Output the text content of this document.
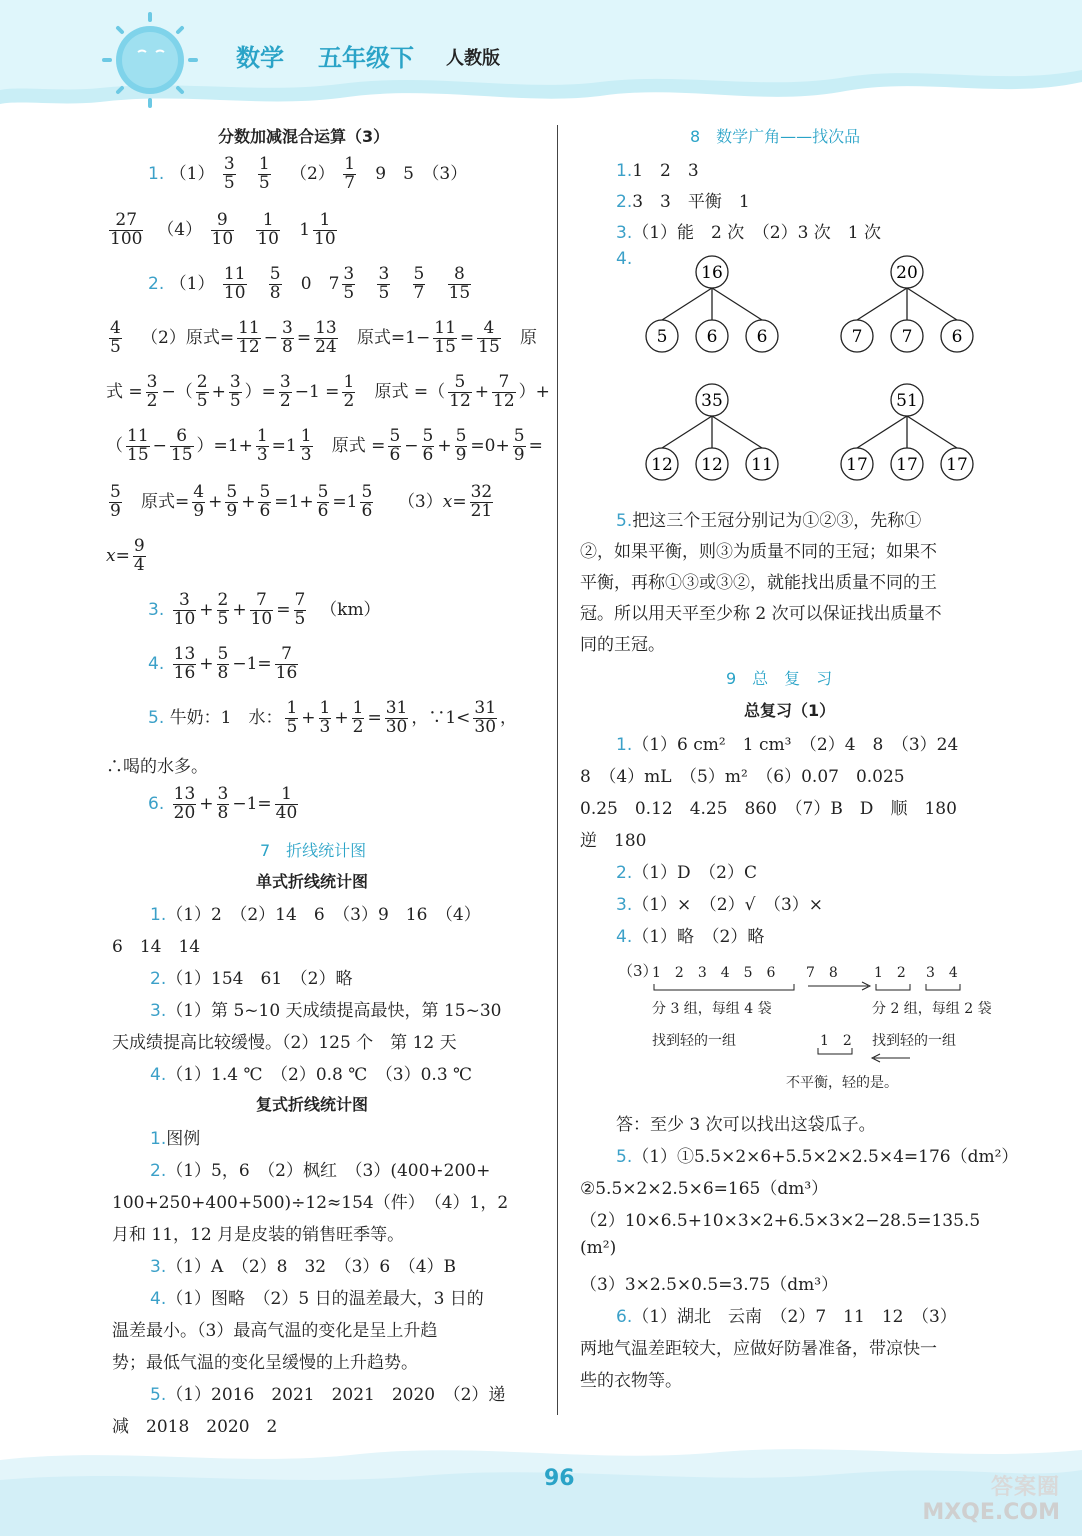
数学 五年级下 人教版
分数加减混合运算（3）
1. $(1) \frac{3}{5}$
$\frac{1}{5} (2) \frac{1}{7} 9$　5　（3）
$\frac{27}{100} (4) \frac{9}{10}$
$\frac{1}{10} 1 \frac{1}{10}$
2. $(1) \frac{11}{10}$
$\frac{5}{8} 0$　$7 \frac{3}{5}$
$\frac{3}{5}$
$\frac{5}{7}$
$\frac{8}{15}$
$\frac{4}{5} (2)$原式= $\frac{11}{12} - \frac{3}{8} = \frac{13}{24}$ 原式$=1- \frac{11}{15} = \frac{4}{15}$ 原
式 = $\frac{3}{2}$ −（ $\frac{2}{5} + \frac{3}{5}$ ）= $\frac{3}{2} -1 = \frac{1}{2}$ 原式 =（ $\frac{5}{12} + \frac{7}{12}$ ）+
（ $\frac{11}{15} - \frac{6}{15} )=1+ \frac{1}{3} =1 \frac{1}{3}$ 原式 = $\frac{5}{6} - \frac{5}{6} + \frac{5}{9} =0+ \frac{5}{9}$ =
$\frac{5}{9}$ 原式= $\frac{4}{9} + \frac{5}{9} + \frac{5}{6} =1+ \frac{5}{6} =1 \frac{5}{6} (3)x= \frac{32}{21}$
$x= \frac{9}{4}$
3. $\frac{3}{10} + \frac{2}{5} + \frac{7}{10} = \frac{7}{5} (km)$
4. $\frac{13}{16} + \frac{5}{8} -1= \frac{7}{16}$
5. 牛奶：1　水： $\frac{1}{5} + \frac{1}{3} + \frac{1}{2} = \frac{31}{30}$ ，∵1< $\frac{31}{30}$ ，
∴喝的水多。
6. $\frac{13}{20} + \frac{3}{8} -1= \frac{1}{40}$
7　折线统计图
单式折线统计图
1.（1）2　（2）14　6　（3）9　16　（4）
6　14　14
2.（1）154　61　（2）略
3.（1）第 5~10 天成绩提高最快，第 15~30
天成绩提高比较缓慢。（2）125 个　第 12 天
4.（1）1.4 ℃　（2）0.8 ℃　（3）0.3 ℃
复式折线统计图
1.图例
2.（1）5，6　（2）枫红　（3）(400+200+
100+250+400+500)÷12≈154（件）　（4）1，2
月和 11，12 月是皮装的销售旺季等。
3.（1）A　（2）8　32　（3）6　（4）B
4.（1）图略　（2）5 日的温差最大，3 日的
温差最小。（3）最高气温的变化是呈上升趋
势；最低气温的变化呈缓慢的上升趋势。
5.（1）2016　2021　2021　2020　（2）递
减　2018　2020　2
8　数学广角——找次品
1.1　2　3
2.3　3　平衡　1
3.（1）能　2 次　（2）3 次　1 次
4.
16
5 6 6
20
7 7 6
35
12 12 11
51
17 17 17
5.把这三个王冠分别记为①②③，先称①
②，如果平衡，则③为质量不同的王冠；如果不
平衡，再称①③或③②，就能找出质量不同的王
冠。所以用天平至少称 2 次可以保证找出质量不
同的王冠。
9　总　复　习
总复习（1）
1.（1）6 cm²　1 cm³　（2）4　8　（3）24
8　（4）mL　（5）m²　（6）0.07　0.025
0.25　0.12　4.25　860　（7）B　D　顺　180
逆　180
2.（1）D　（2）C
3.（1）×　（2）√　（3）×
4.（1）略　（2）略
（3）
1　2　3　4　5　6 7　8	1　2 3　4
分 3 组，每组 4 袋	分 2 组，每组 2 袋
找到轻的一组	1　2 找到轻的一组
不平衡，轻的是。
答：至少 3 次可以找出这袋瓜子。
5.（1）①5.5×2×6+5.5×2×2.5×4=176（dm²）
②5.5×2×2.5×6=165（dm³）
（2）10×6.5+10×3×2+6.5×3×2−28.5=135.5
(m²)
（3）3×2.5×0.5=3.75（dm³）
6.（1）湖北　云南　（2）7　11　12　（3）
两地气温差距较大，应做好防暑准备，带凉快一
些的衣物等。
96	答案圈
MXQE.COM
